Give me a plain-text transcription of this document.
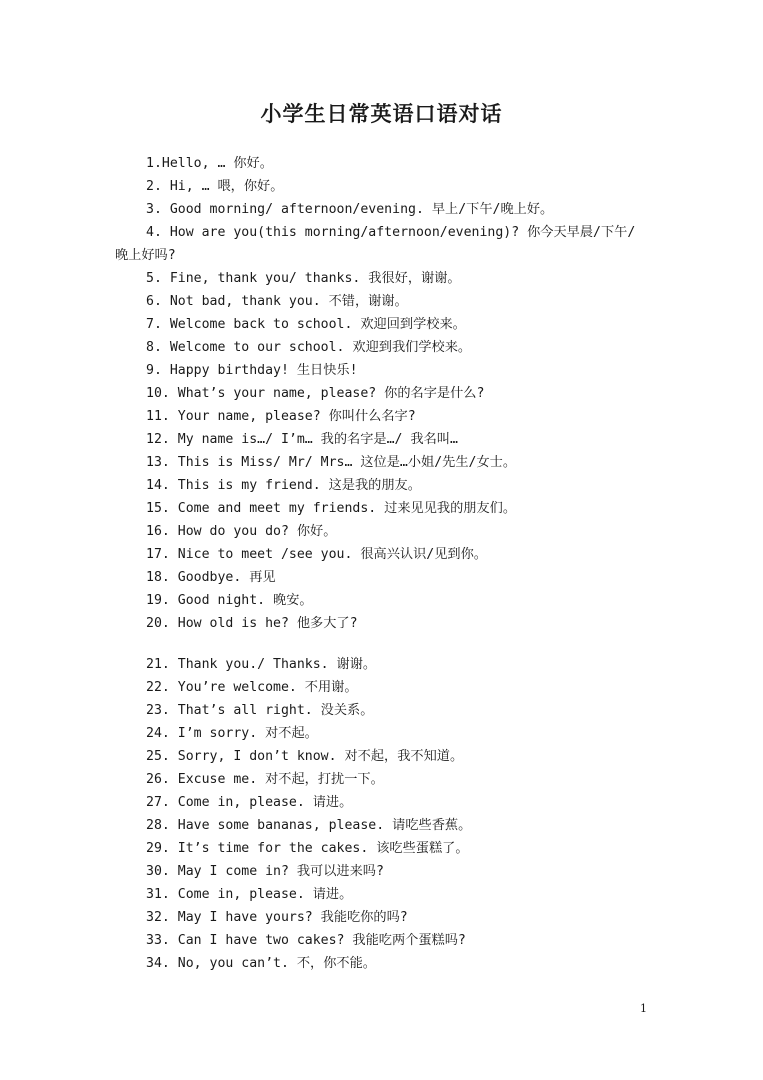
小学生日常英语口语对话
1.Hello, … 你好。
2. Hi, … 喂，你好。
3. Good morning/ afternoon/evening. 早上/下午/晚上好。
4. How are you(this morning/afternoon/evening)? 你今天早晨/下午/
晚上好吗?
5. Fine, thank you/ thanks. 我很好，谢谢。
6. Not bad, thank you. 不错，谢谢。
7. Welcome back to school. 欢迎回到学校来。
8. Welcome to our school. 欢迎到我们学校来。
9. Happy birthday! 生日快乐!
10. What’s your name, please? 你的名字是什么?
11. Your name, please? 你叫什么名字?
12. My name is…/ I’m… 我的名字是…/ 我名叫…
13. This is Miss/ Mr/ Mrs… 这位是…小姐/先生/女士。
14. This is my friend. 这是我的朋友。
15. Come and meet my friends. 过来见见我的朋友们。
16. How do you do? 你好。
17. Nice to meet /see you. 很高兴认识/见到你。
18. Goodbye. 再见
19. Good night. 晚安。
20. How old is he? 他多大了?
21. Thank you./ Thanks. 谢谢。
22. You’re welcome. 不用谢。
23. That’s all right. 没关系。
24. I’m sorry. 对不起。
25. Sorry, I don’t know. 对不起，我不知道。
26. Excuse me. 对不起，打扰一下。
27. Come in, please. 请进。
28. Have some bananas, please. 请吃些香蕉。
29. It’s time for the cakes. 该吃些蛋糕了。
30. May I come in? 我可以进来吗?
31. Come in, please. 请进。
32. May I have yours? 我能吃你的吗?
33. Can I have two cakes? 我能吃两个蛋糕吗?
34. No, you can’t. 不，你不能。
1
